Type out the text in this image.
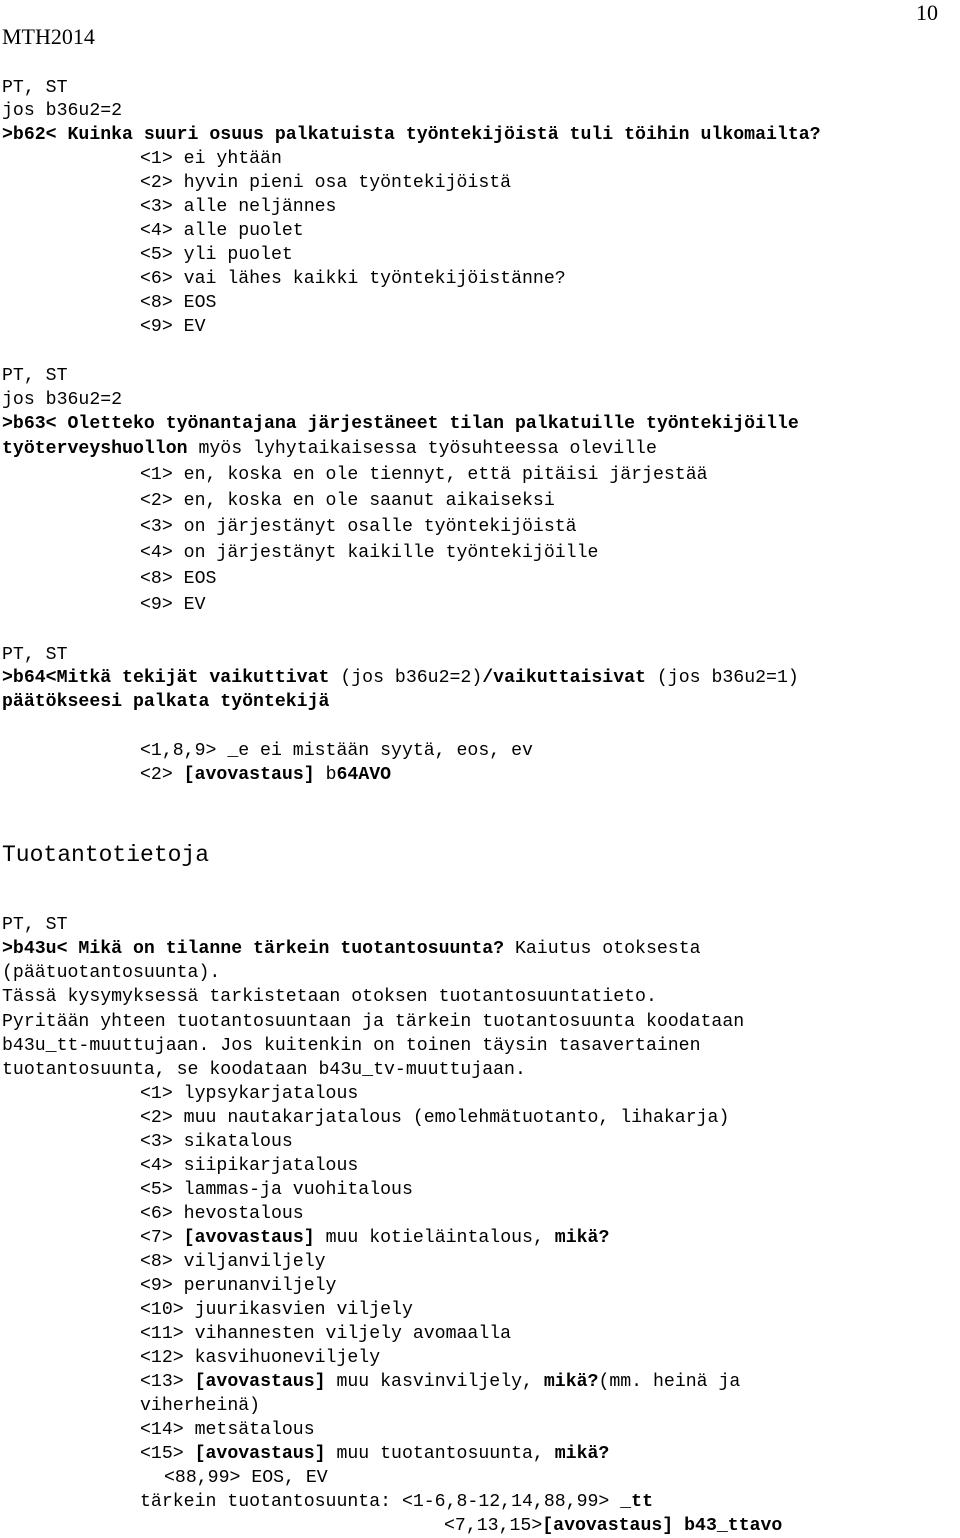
MTH2014
10
PT, ST
jos b36u2=2
>b62< Kuinka suuri osuus palkatuista työntekijöistä tuli töihin ulkomailta?
<1> ei yhtään
<2> hyvin pieni osa työntekijöistä
<3> alle neljännes
<4> alle puolet
<5> yli puolet
<6> vai lähes kaikki työntekijöistänne?
<8> EOS
<9> EV
PT, ST
jos b36u2=2
>b63< Oletteko työnantajana järjestäneet tilan palkatuille työntekijöille
työterveyshuollon myös lyhytaikaisessa työsuhteessa oleville
<1> en, koska en ole tiennyt, että pitäisi järjestää
<2> en, koska en ole saanut aikaiseksi
<3> on järjestänyt osalle työntekijöistä
<4> on järjestänyt kaikille työntekijöille
<8> EOS
<9> EV
PT, ST
>b64<Mitkä tekijät vaikuttivat (jos b36u2=2)/vaikuttaisivat (jos b36u2=1)
päätökseesi palkata työntekijä
<1,8,9> _e ei mistään syytä, eos, ev
<2> [avovastaus] b64AVO
Tuotantotietoja
PT, ST
>b43u< Mikä on tilanne tärkein tuotantosuunta? Kaiutus otoksesta
(päätuotantosuunta).
Tässä kysymyksessä tarkistetaan otoksen tuotantosuuntatieto.
Pyritään yhteen tuotantosuuntaan ja tärkein tuotantosuunta koodataan
b43u_tt-muuttujaan. Jos kuitenkin on toinen täysin tasavertainen
tuotantosuunta, se koodataan b43u_tv-muuttujaan.
<1> lypsykarjatalous
<2> muu nautakarjatalous (emolehmätuotanto, lihakarja)
<3> sikatalous
<4> siipikarjatalous
<5> lammas-ja vuohitalous
<6> hevostalous
<7> [avovastaus] muu kotieläintalous, mikä?
<8> viljanviljely
<9> perunanviljely
<10> juurikasvien viljely
<11> vihannesten viljely avomaalla
<12> kasvihuoneviljely
<13> [avovastaus] muu kasvinviljely, mikä?(mm. heinä ja
viherheinä)
<14> metsätalous
<15> [avovastaus] muu tuotantosuunta, mikä?
<88,99> EOS, EV
tärkein tuotantosuunta: <1-6,8-12,14,88,99> _tt
<7,13,15>[avovastaus] b43_ttavo
